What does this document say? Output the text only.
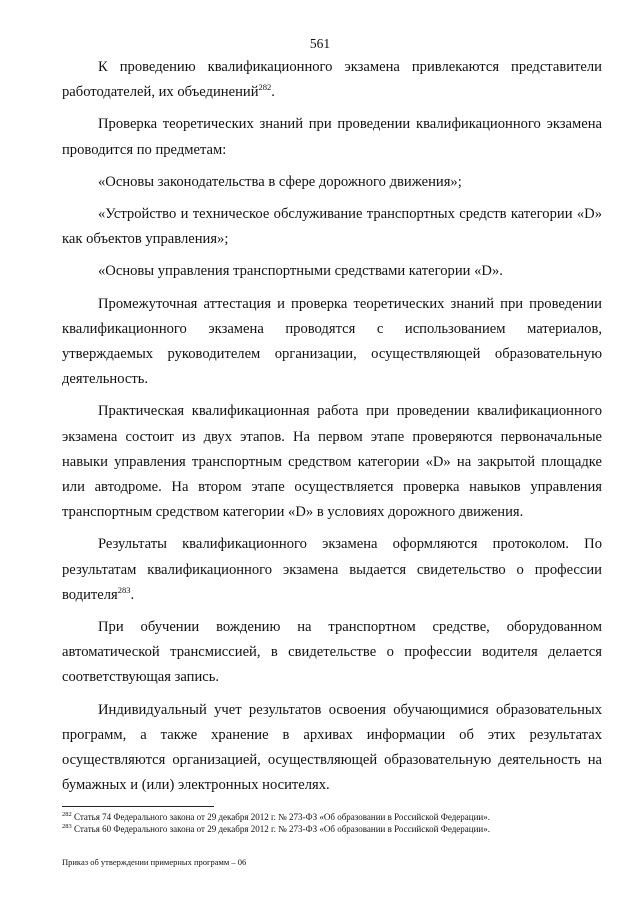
561

К проведению квалификационного экзамена привлекаются представители работодателей, их объединений$^{282}$.

Проверка теоретических знаний при проведении квалификационного экзамена проводится по предметам:

«Основы законодательства в сфере дорожного движения»;

«Устройство и техническое обслуживание транспортных средств категории «D» как объектов управления»;

«Основы управления транспортными средствами категории «D».

Промежуточная аттестация и проверка теоретических знаний при проведении квалификационного экзамена проводятся с использованием материалов, утверждаемых руководителем организации, осуществляющей образовательную деятельность.

Практическая квалификационная работа при проведении квалификационного экзамена состоит из двух этапов. На первом этапе проверяются первоначальные навыки управления транспортным средством категории «D» на закрытой площадке или автодроме. На втором этапе осуществляется проверка навыков управления транспортным средством категории «D» в условиях дорожного движения.

Результаты квалификационного экзамена оформляются протоколом. По результатам квалификационного экзамена выдается свидетельство о профессии водителя$^{283}$.

При обучении вождению на транспортном средстве, оборудованном автоматической трансмиссией, в свидетельстве о профессии водителя делается соответствующая запись.

Индивидуальный учет результатов освоения обучающимися образовательных программ, а также хранение в архивах информации об этих результатах осуществляются организацией, осуществляющей образовательную деятельность на бумажных и (или) электронных носителях.

$^{282}$ Статья 74 Федерального закона от 29 декабря 2012 г. № 273-ФЗ «Об образовании в Российской Федерации».
$^{283}$ Статья 60 Федерального закона от 29 декабря 2012 г. № 273-ФЗ «Об образовании в Российской Федерации».
Приказ об утверждении примерных программ – 06
